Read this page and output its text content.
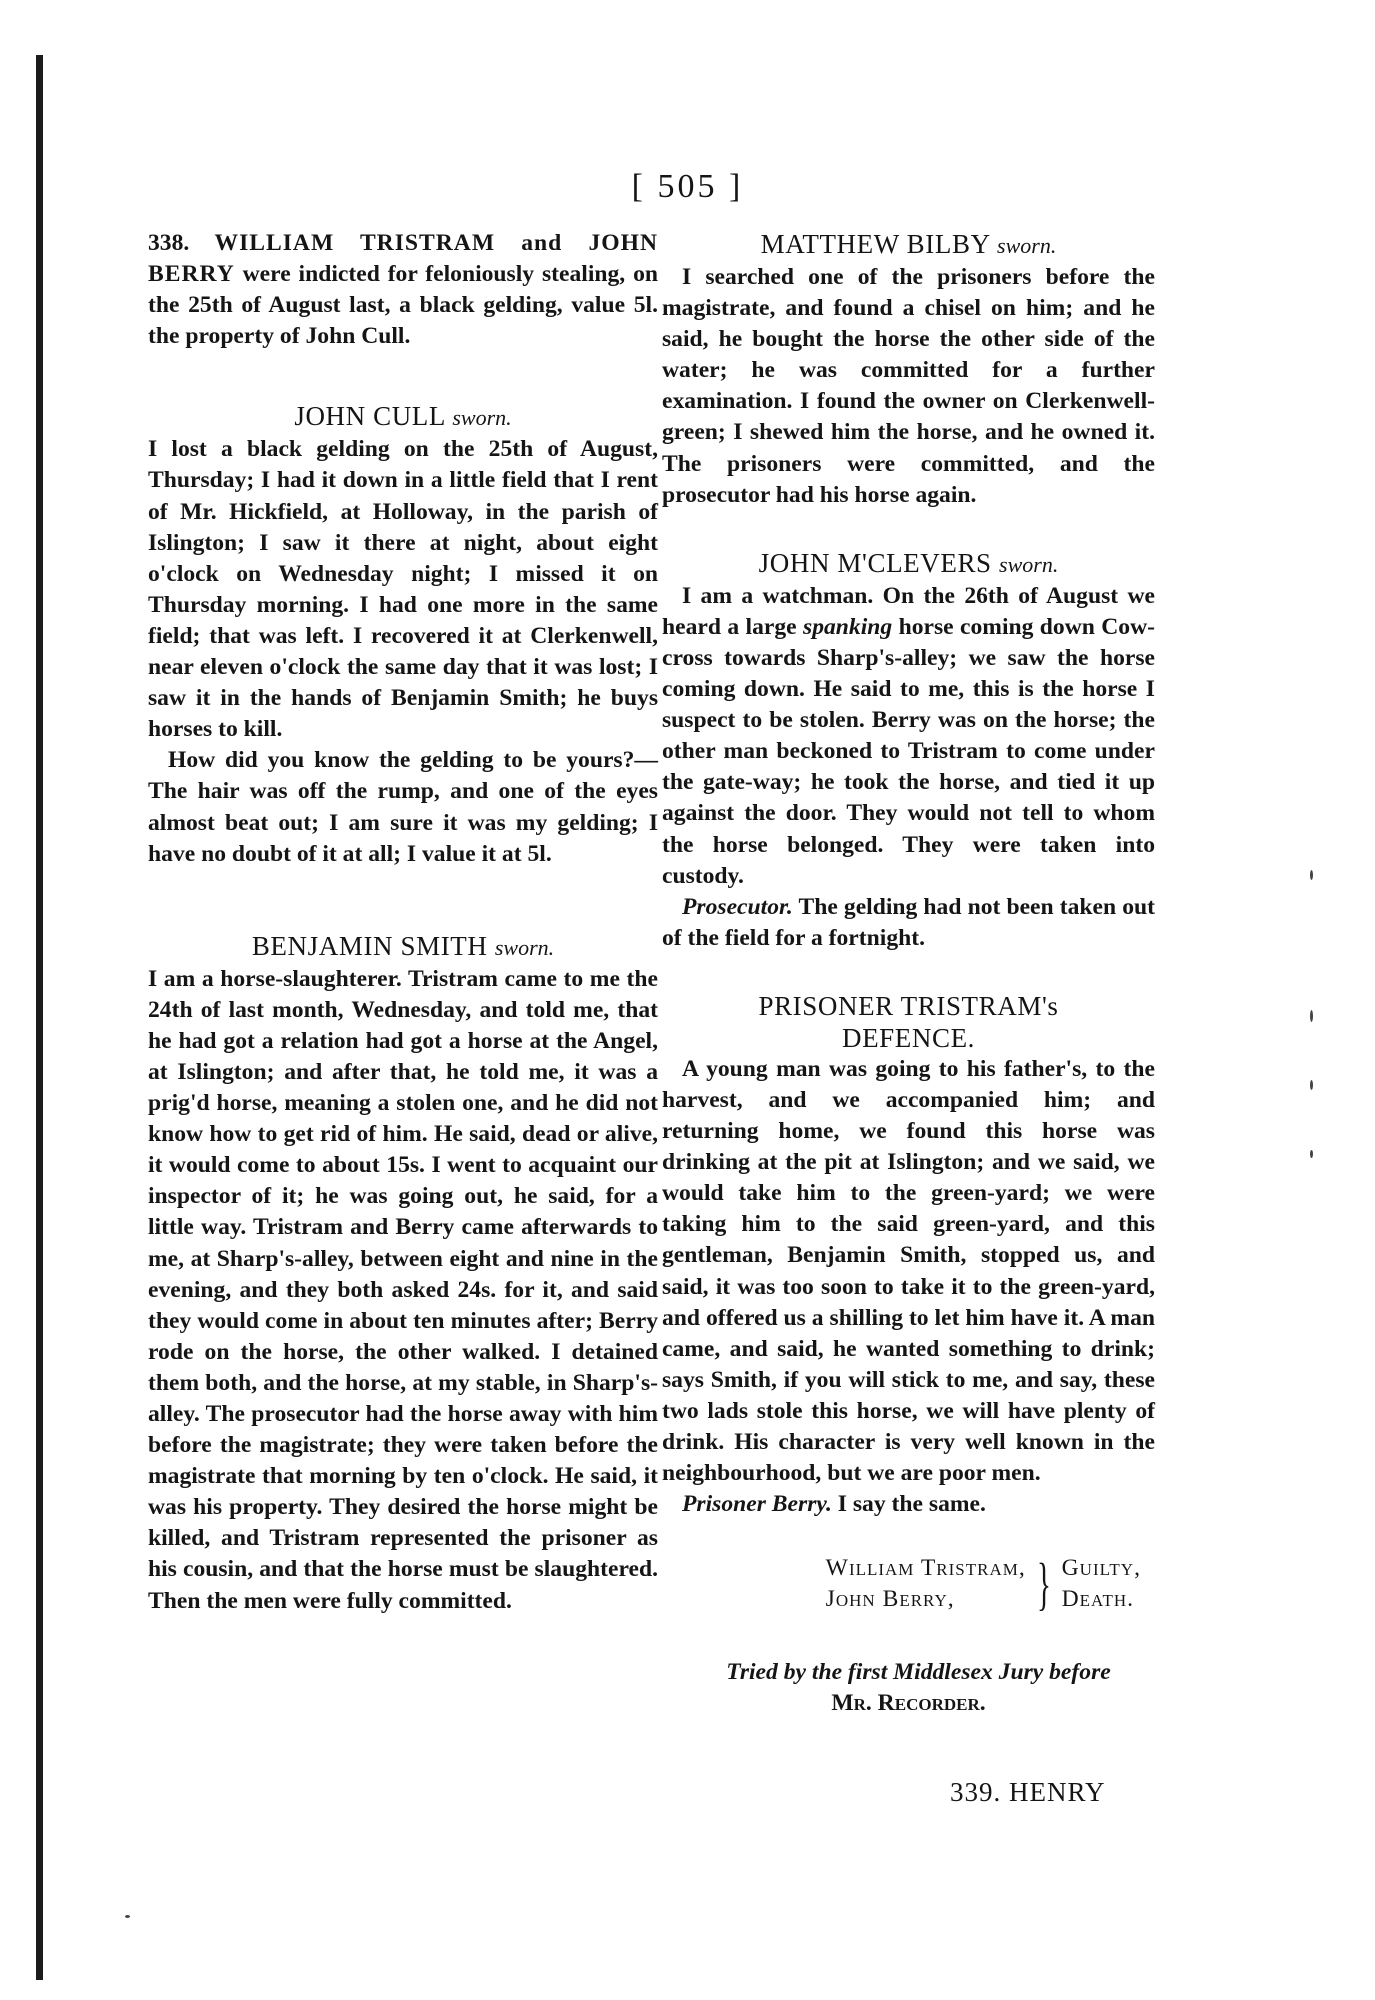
[ 505 ]

338. WILLIAM TRISTRAM and JOHN BERRY were indicted for feloniously stealing, on the 25th of August last, a black gelding, value 5l. the property of John Cull.

JOHN CULL sworn.

I lost a black gelding on the 25th of August, Thursday; I had it down in a little field that I rent of Mr. Hickfield, at Holloway, in the parish of Islington; I saw it there at night, about eight o'clock on Wednesday night; I missed it on Thursday morning. I had one more in the same field; that was left. I recovered it at Clerkenwell, near eleven o'clock the same day that it was lost; I saw it in the hands of Benjamin Smith; he buys horses to kill.

How did you know the gelding to be yours?—The hair was off the rump, and one of the eyes almost beat out; I am sure it was my gelding; I have no doubt of it at all; I value it at 5l.

BENJAMIN SMITH sworn.

I am a horse-slaughterer. Tristram came to me the 24th of last month, Wednesday, and told me, that he had got a relation had got a horse at the Angel, at Islington; and after that, he told me, it was a prig'd horse, meaning a stolen one, and he did not know how to get rid of him. He said, dead or alive, it would come to about 15s. I went to acquaint our inspector of it; he was going out, he said, for a little way. Tristram and Berry came afterwards to me, at Sharp's-alley, between eight and nine in the evening, and they both asked 24s. for it, and said they would come in about ten minutes after; Berry rode on the horse, the other walked. I detained them both, and the horse, at my stable, in Sharp's-alley. The prosecutor had the horse away with him before the magistrate; they were taken before the magistrate that morning by ten o'clock. He said, it was his property. They desired the horse might be killed, and Tristram represented the prisoner as his cousin, and that the horse must be slaughtered. Then the men were fully committed.

MATTHEW BILBY sworn.

I searched one of the prisoners before the magistrate, and found a chisel on him; and he said, he bought the horse the other side of the water; he was committed for a further examination. I found the owner on Clerkenwell-green; I shewed him the horse, and he owned it. The prisoners were committed, and the prosecutor had his horse again.

JOHN M'CLEVERS sworn.

I am a watchman. On the 26th of August we heard a large spanking horse coming down Cow-cross towards Sharp's-alley; we saw the horse coming down. He said to me, this is the horse I suspect to be stolen. Berry was on the horse; the other man beckoned to Tristram to come under the gate-way; he took the horse, and tied it up against the door. They would not tell to whom the horse belonged. They were taken into custody.

Prosecutor. The gelding had not been taken out of the field for a fortnight.

PRISONER TRISTRAM's
DEFENCE.

A young man was going to his father's, to the harvest, and we accompanied him; and returning home, we found this horse was drinking at the pit at Islington; and we said, we would take him to the green-yard; we were taking him to the said green-yard, and this gentleman, Benjamin Smith, stopped us, and said, it was too soon to take it to the green-yard, and offered us a shilling to let him have it. A man came, and said, he wanted something to drink; says Smith, if you will stick to me, and say, these two lads stole this horse, we will have plenty of drink. His character is very well known in the neighbourhood, but we are poor men.

Prisoner Berry. I say the same.

William Tristram,
John Berry,	} Guilty,
Death.

Tried by the first Middlesex Jury before
Mr. Recorder.

339. HENRY
